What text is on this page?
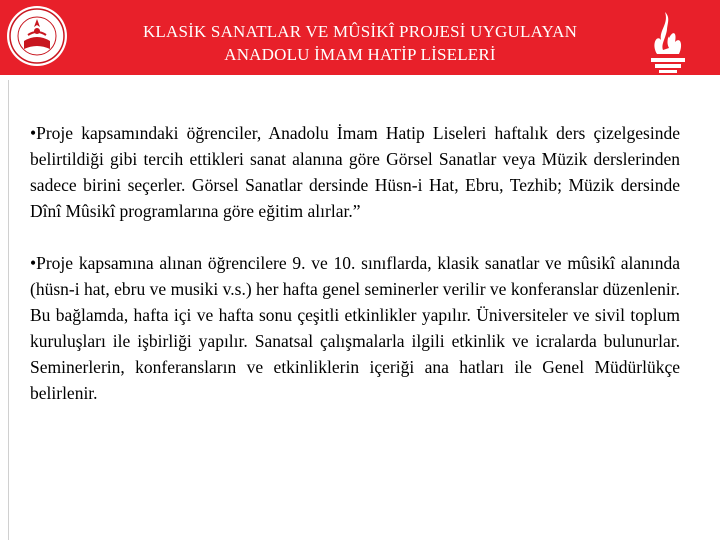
KLASİK SANATLAR VE MÛSİKÎ PROJESİ UYGULAYAN
ANADOLU İMAM HATİP LİSELERİ

•Proje kapsamındaki öğrenciler, Anadolu İmam Hatip Liseleri haftalık ders çizelgesinde belirtildiği gibi tercih ettikleri sanat alanına göre Görsel Sanatlar veya Müzik derslerinden sadece birini seçerler. Görsel Sanatlar dersinde Hüsn-i Hat, Ebru, Tezhib; Müzik dersinde Dînî Mûsikî programlarına göre eğitim alırlar.”

•Proje kapsamına alınan öğrencilere 9. ve 10. sınıflarda, klasik sanatlar ve mûsikî alanında (hüsn-i hat, ebru ve musiki v.s.) her hafta genel seminerler verilir ve konferanslar düzenlenir. Bu bağlamda, hafta içi ve hafta sonu çeşitli etkinlikler yapılır. Üniversiteler ve sivil toplum kuruluşları ile işbirliği yapılır. Sanatsal çalışmalarla ilgili etkinlik ve icralarda bulunurlar. Seminerlerin, konferansların ve etkinliklerin içeriği ana hatları ile Genel Müdürlükçe belirlenir.
